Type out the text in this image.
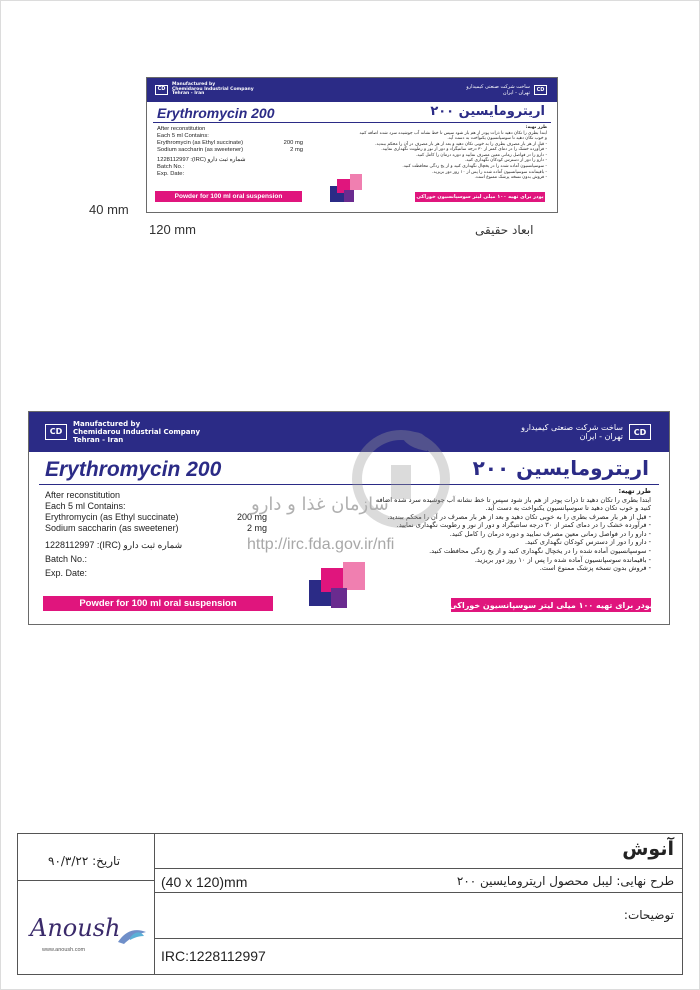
CD
Manufactured by
Chemidarou Industrial Company
Tehran - Iran
ساخت شرکت صنعتی کیمیدارو
تهران - ایران	CD
Erythromycin 200	اریترومایسین ۲۰۰
After reconstitution
Each 5 ml Contains:
Erythromycin (as Ethyl succinate)	200 mg
Sodium saccharin (as sweetener)	2 mg
1228112997 :(IRC) شماره ثبت دارو
Batch No.:
Exp. Date:
طرز تهیه:
ابتدا بطری را تکان دهید تا ذرات پودر از هم باز شود سپس تا خط نشانه آب جوشیده سرد شده اضافه کنید و خوب تکان دهید تا سوسپانسیون یکنواخت به دست آید.
- قبل از هر بار مصرف بطری را به خوبی تکان دهید و بعد از هر بار مصرف در آن را محکم ببندید.
- فرآورده خشک را در دمای کمتر از ۳۰ درجه سانتیگراد و دور از نور و رطوبت نگهداری نمایید.
- دارو را در فواصل زمانی معین مصرف نمایید و دوره درمان را کامل کنید.
- دارو را دور از دسترس کودکان نگهداری کنید.
- سوسپانسیون آماده شده را در یخچال نگهداری کنید و از یخ زدگی محافظت کنید.
- باقیمانده سوسپانسیون آماده شده را پس از ۱۰ روز دور بریزید.
- فروش بدون نسخه پزشک ممنوع است.
Powder for 100 ml oral suspension	پودر برای تهیه ۱۰۰ میلی لیتر سوسپانسیون خوراکی
40 mm
120 mm	ابعاد حقیقی
CD
Manufactured by
Chemidarou Industrial Company
Tehran - Iran
ساخت شرکت صنعتی کیمیدارو
تهران - ایران	CD
Erythromycin 200	اریترومایسین ۲۰۰
After reconstitution
Each 5 ml Contains:
Erythromycin (as Ethyl succinate)	200 mg
Sodium saccharin (as sweetener)	2 mg
1228112997 :(IRC) شماره ثبت دارو
Batch No.:
Exp. Date:
طرز تهیه:
ابتدا بطری را تکان دهید تا ذرات پودر از هم باز شود سپس تا خط نشانه آب جوشیده سرد شده اضافه کنید و خوب تکان دهید تا سوسپانسیون یکنواخت به دست آید.
- قبل از هر بار مصرف بطری را به خوبی تکان دهید و بعد از هر بار مصرف در آن را محکم ببندید.
- فرآورده خشک را در دمای کمتر از ۳۰ درجه سانتیگراد و دور از نور و رطوبت نگهداری نمایید.
- دارو را در فواصل زمانی معین مصرف نمایید و دوره درمان را کامل کنید.
- دارو را دور از دسترس کودکان نگهداری کنید.
- سوسپانسیون آماده شده را در یخچال نگهداری کنید و از یخ زدگی محافظت کنید.
- باقیمانده سوسپانسیون آماده شده را پس از ۱۰ روز دور بریزید.
- فروش بدون نسخه پزشک ممنوع است.
Powder for 100 ml oral suspension	پودر برای تهیه ۱۰۰ میلی لیتر سوسپانسیون خوراکی
سازمان غذا و دارو
http://irc.fda.gov.ir/nfi
آنوش
تاریخ: ۹۰/۳/۲۲
طرح نهایی: لیبل محصول اریترومایسین ۲۰۰
(40 x 120)mm
توضیحات:
IRC:1228112997
Anoush
www.anoush.com
